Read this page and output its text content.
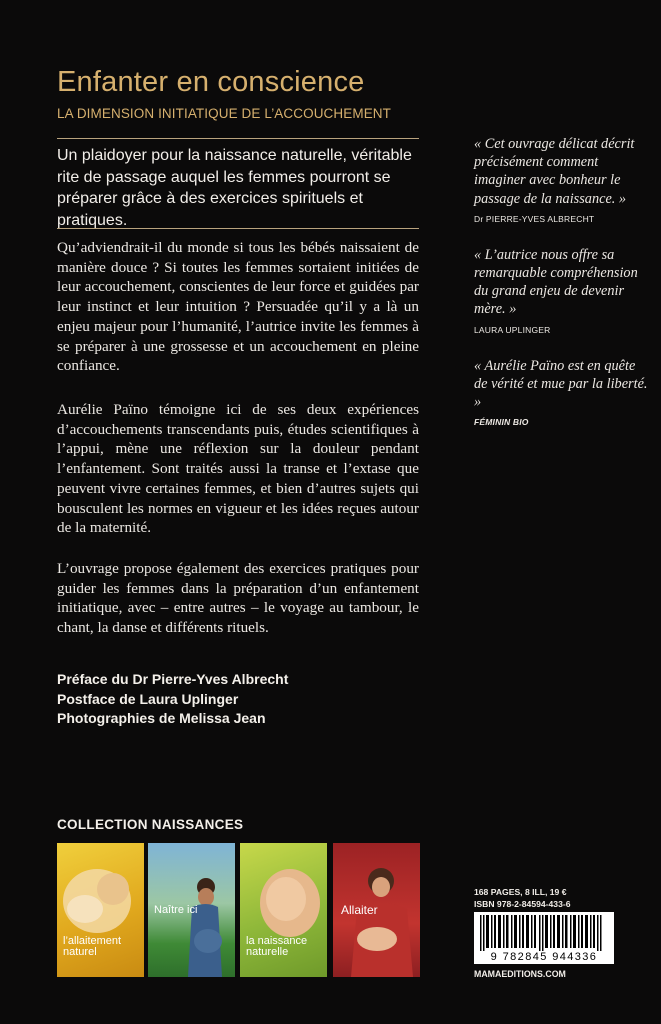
Enfanter en conscience
LA DIMENSION INITIATIQUE DE L’ACCOUCHEMENT
Un plaidoyer pour la naissance naturelle, véritable rite de passage auquel les femmes pourront se préparer grâce à des exercices spirituels et pratiques.
Qu’adviendrait-il du monde si tous les bébés naissaient de manière douce ? Si toutes les femmes sortaient initiées de leur accouchement, conscientes de leur force et guidées par leur instinct et leur intuition ? Persuadée qu’il y a là un enjeu majeur pour l’humanité, l’autrice invite les femmes à se préparer à une grossesse et un accouchement en pleine confiance.
Aurélie Païno témoigne ici de ses deux expériences d’accouchements transcendants puis, études scientifiques à l’appui, mène une réflexion sur la douleur pendant l’enfantement. Sont traités aussi la transe et l’extase que peuvent vivre certaines femmes, et bien d’autres sujets qui bousculent les normes en vigueur et les idées reçues autour de la maternité.
L’ouvrage propose également des exercices pratiques pour guider les femmes dans la préparation d’un enfantement initiatique, avec – entre autres – le voyage au tambour, le chant, la danse et différents rituels.
Préface du Dr Pierre-Yves Albrecht
Postface de Laura Uplinger
Photographies de Melissa Jean
« Cet ouvrage délicat décrit précisément comment imaginer avec bonheur le passage de la naissance. »
Dr PIERRE-YVES ALBRECHT
« L’autrice nous offre sa remarquable compréhension du grand enjeu de devenir mère. »
LAURA UPLINGER
« Aurélie Païno est en quête de vérité et mue par la liberté. »
FÉMININ BIO
COLLECTION NAISSANCES
l’allaitement naturel
Naître ici
la naissance naturelle
Allaiter
168 PAGES, 8 ILL, 19 €
ISBN 978-2-84594-433-6
9 782845 944336
MAMAEDITIONS.COM
